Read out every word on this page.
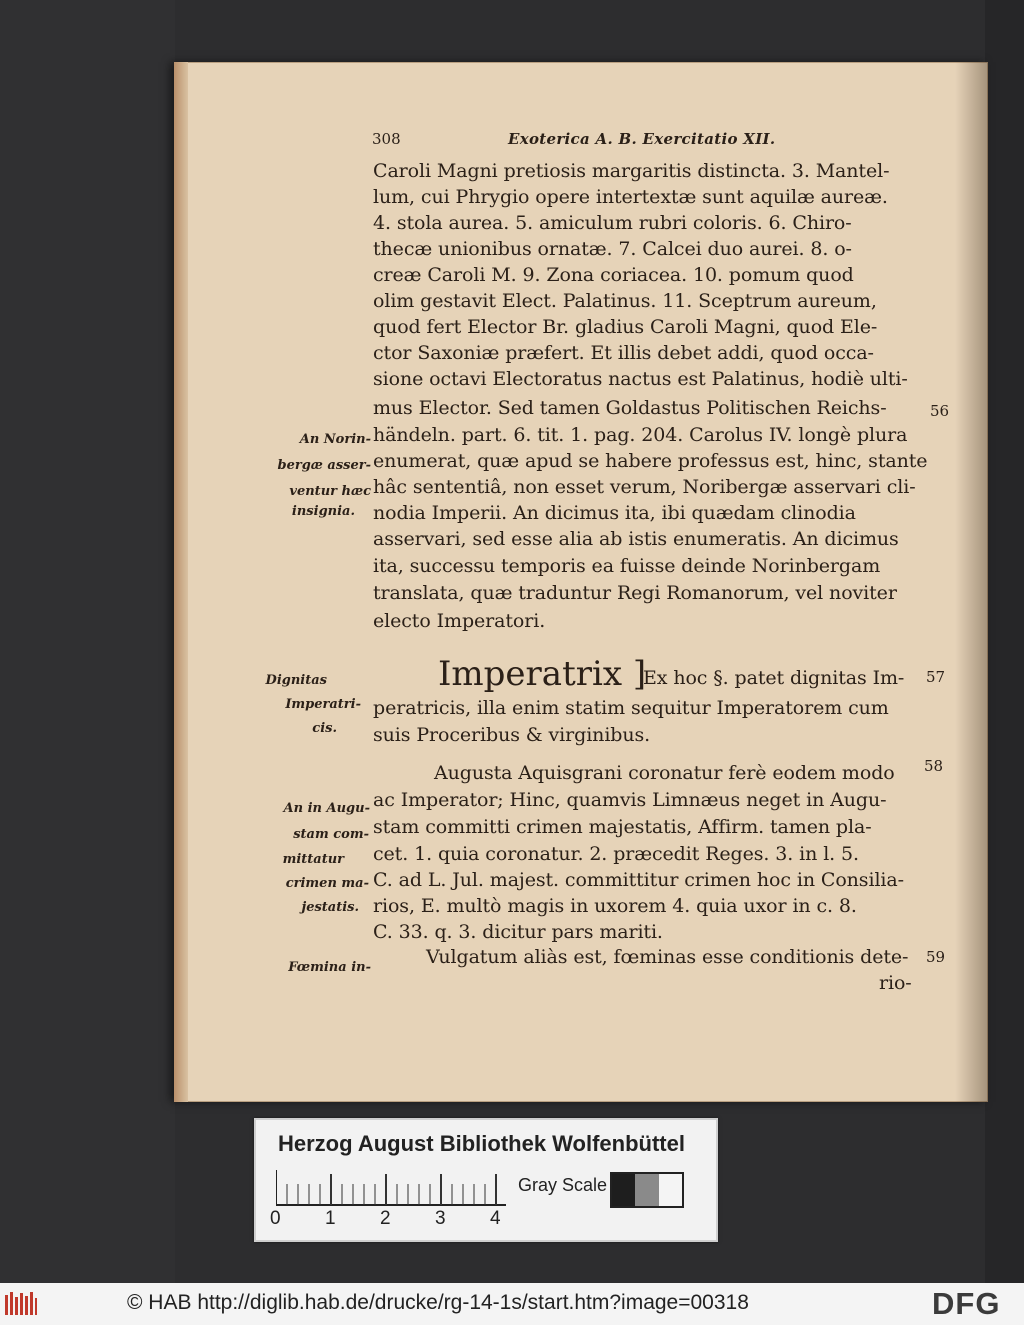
308	Exoterica A. B. Exercitatio XII.
Caroli Magni pretiosis margaritis distincta. 3. Mantel-
lum, cui Phrygio opere intertextæ sunt aquilæ aureæ.
4. stola aurea. 5. amiculum rubri coloris. 6. Chiro-
thecæ unionibus ornatæ. 7. Calcei duo aurei. 8. o-
creæ Caroli M. 9. Zona coriacea. 10. pomum quod
olim gestavit Elect. Palatinus. 11. Sceptrum aureum,
quod fert Elector Br. gladius Caroli Magni, quod Ele-
ctor Saxoniæ præfert. Et illis debet addi, quod occa-
sione octavi Electoratus nactus est Palatinus, hodiè ulti-
mus Elector. Sed tamen Goldastus Politischen Reichs-
händeln. part. 6. tit. 1. pag. 204. Carolus IV. longè plura
enumerat, quæ apud se habere professus est, hinc, stante
hâc sententiâ, non esset verum, Noribergæ asservari cli-
nodia Imperii. An dicimus ita, ibi quædam clinodia
asservari, sed esse alia ab istis enumeratis. An dicimus
ita, successu temporis ea fuisse deinde Norinbergam
translata, quæ traduntur Regi Romanorum, vel noviter
electo Imperatori.
Imperatrix ]
Ex hoc §. patet dignitas Im-
peratricis, illa enim statim sequitur Imperatorem cum
suis Proceribus & virginibus.
Augusta Aquisgrani coronatur ferè eodem modo
ac Imperator; Hinc, quamvis Limnæus neget in Augu-
stam committi crimen majestatis, Affirm. tamen pla-
cet. 1. quia coronatur. 2. præcedit Reges. 3. in l. 5.
C. ad L. Jul. majest. committitur crimen hoc in Consilia-
rios, E. multò magis in uxorem 4. quia uxor in c. 8.
C. 33. q. 3. dicitur pars mariti.
Vulgatum aliàs est, fœminas esse conditionis dete-
rio-
An Norin-
bergæ asser-
ventur hæc
insignia.
Dignitas
Imperatri-
cis.
An in Augu-
stam com-
mittatur
crimen ma-
jestatis.
Fœmina in-
56
57
58
59
Herzog August Bibliothek Wolfenbüttel
0 1 2 3 4
Gray Scale
© HAB http://diglib.hab.de/drucke/rg-14-1s/start.htm?image=00318	DFG
